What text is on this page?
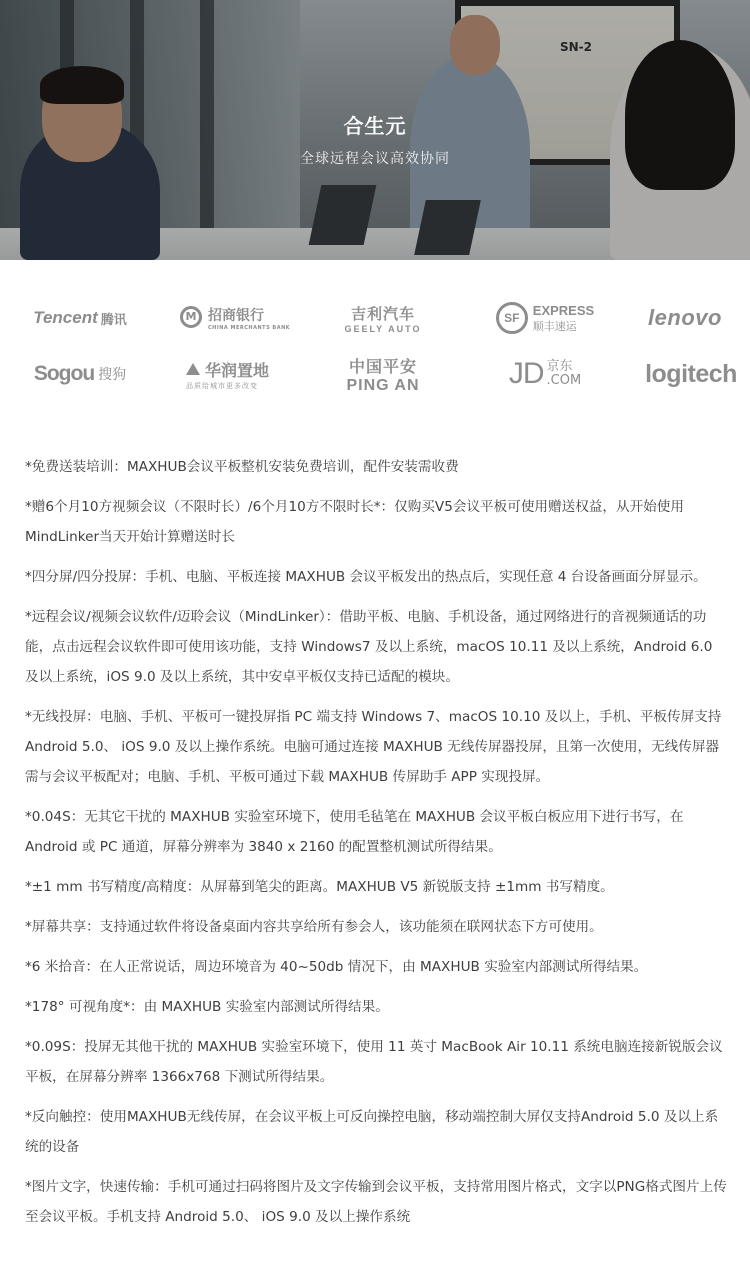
SN-2
合生元
全球远程会议高效协同
Tencent 腾讯	M 招商银行
CHINA MERCHANTS BANK
吉利汽车
GEELY AUTO
SF
EXPRESS
顺丰速运	lenovo
Sogou 搜狗	华润置地
品质给城市更多改变
中国平安
PING AN	JD 京东
.COM	logitech

*免费送装培训：MAXHUB会议平板整机安装免费培训，配件安装需收费

*赠6个月10方视频会议（不限时长）/6个月10方不限时长*：仅购买V5会议平板可使用赠送权益，从开始使用MindLinker当天开始计算赠送时长

*四分屏/四分投屏：手机、电脑、平板连接 MAXHUB 会议平板发出的热点后，实现任意 4 台设备画面分屏显示。

*远程会议/视频会议软件/迈聆会议（MindLinker）：借助平板、电脑、手机设备，通过网络进行的音视频通话的功能，点击远程会议软件即可使用该功能，支持 Windows7 及以上系统，macOS 10.11 及以上系统，Android 6.0 及以上系统，iOS 9.0 及以上系统，其中安卓平板仅支持已适配的模块。

*无线投屏：电脑、手机、平板可一键投屏指 PC 端支持 Windows 7、macOS 10.10 及以上，手机、平板传屏支持 Android 5.0、 iOS 9.0 及以上操作系统。电脑可通过连接 MAXHUB 无线传屏器投屏，且第一次使用，无线传屏器需与会议平板配对；电脑、手机、平板可通过下载 MAXHUB 传屏助手 APP 实现投屏。

*0.04S：无其它干扰的 MAXHUB 实验室环境下，使用毛毡笔在 MAXHUB 会议平板白板应用下进行书写，在 Android 或 PC 通道，屏幕分辨率为 3840 x 2160 的配置整机测试所得结果。

*±1 mm 书写精度/高精度：从屏幕到笔尖的距离。MAXHUB V5 新锐版支持 ±1mm 书写精度。

*屏幕共享：支持通过软件将设备桌面内容共享给所有参会人，该功能须在联网状态下方可使用。

*6 米拾音：在人正常说话，周边环境音为 40~50db 情况下，由 MAXHUB 实验室内部测试所得结果。

*178° 可视角度*：由 MAXHUB 实验室内部测试所得结果。

*0.09S：投屏无其他干扰的 MAXHUB 实验室环境下，使用 11 英寸 MacBook Air 10.11 系统电脑连接新锐版会议平板，在屏幕分辨率 1366x768 下测试所得结果。

*反向触控：使用MAXHUB无线传屏，在会议平板上可反向操控电脑，移动端控制大屏仅支持Android 5.0 及以上系统的设备

*图片文字，快速传输：手机可通过扫码将图片及文字传输到会议平板，支持常用图片格式，文字以PNG格式图片上传至会议平板。手机支持 Android 5.0、 iOS 9.0 及以上操作系统
